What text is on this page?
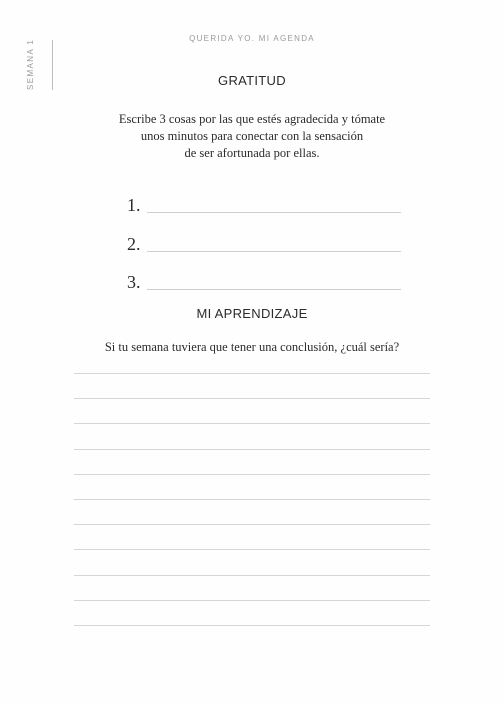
SEMANA 1
QUERIDA YO. MI AGENDA
GRATITUD
Escribe 3 cosas por las que estés agradecida y tómate
unos minutos para conectar con la sensación
de ser afortunada por ellas.
1.
2.
3.
MI APRENDIZAJE
Si tu semana tuviera que tener una conclusión, ¿cuál sería?
